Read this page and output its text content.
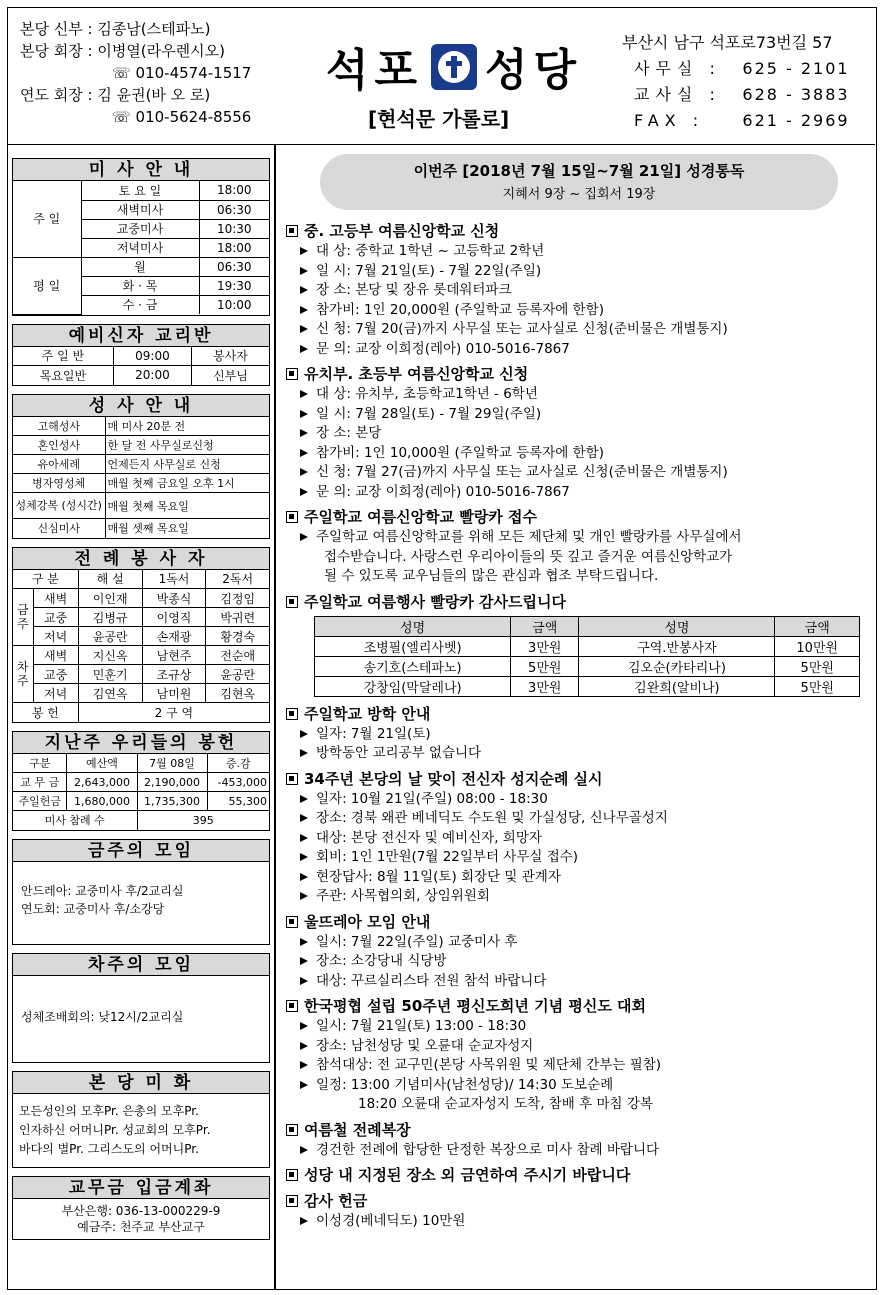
본당 신부 : 김종남(스테파노)
본당 회장 : 이병열(라우렌시오)
☏ 010-4574-1517
연도 회장 : 김 윤권(바 오 로)
☏ 010-5624-8556
석포 성당
[현석문 가롤로]
부산시 남구 석포로73번길 57
사무실 : 625 - 2101
교사실 : 628 - 3883
FAX : 621 - 2969
미 사 안 내
주 일	토 요 일	18:00
	새벽미사	06:30
	교중미사	10:30
	저녁미사	18:00
평 일	월	06:30
	화 · 목	19:30
	수 · 금	10:00
예비신자 교리반
주 일 반	09:00	봉사자
목요일반	20:00	신부님
성 사 안 내
고해성사	매 미사 20분 전
혼인성사	한 달 전 사무실로신청
유아세례	언제든지 사무실로 신청
병자영성체	매월 첫째 금요일 오후 1시
성체강복 (성시간)	매월 첫째 목요일
신심미사	매월 셋째 목요일
전 례 봉 사 자
구 분		해 설	1독서	2독서
금주	새벽	이인재	박종식	김정임
	교중	김병규	이영직	박귀련
	저녁	윤공란	손재광	황경숙
차주	새벽	지신옥	남현주	전순애
	교중	민훈기	조규상	윤공란
	저녁	김연옥	남미원	김현옥
봉 헌		2 구 역		
지난주 우리들의 봉헌
구분	예산액	7월 08일	증.감
교 무 금	2,643,000	2,190,000	-453,000
주일헌금	1,680,000	1,735,300	55,300
미사 참례 수		395	
금주의 모임
안드레아: 교중미사 후/2교리실
연도회: 교중미사 후/소강당
차주의 모임
성체조배회의: 낮12시/2교리실
본 당 미 화
모든성인의 모후Pr. 은총의 모후Pr.
인자하신 어머니Pr. 성교회의 모후Pr.
바다의 별Pr. 그리스도의 어머니Pr.
교무금 입금계좌
부산은행: 036-13-000229-9
예금주: 천주교 부산교구
이번주 [2018년 7월 15일~7월 21일] 성경통독
지혜서 9장 ~ 집회서 19장
중. 고등부 여름신앙학교 신청
대 상: 중학교 1학년 ~ 고등학교 2학년
일 시: 7월 21일(토) - 7월 22일(주일)
장 소: 본당 및 장유 롯데워터파크
참가비: 1인 20,000원 (주일학교 등록자에 한함)
신 청: 7월 20(금)까지 사무실 또는 교사실로 신청(준비물은 개별통지)
문 의: 교장 이희정(레아) 010-5016-7867
유치부. 초등부 여름신앙학교 신청
대 상: 유치부, 초등학교1학년 - 6학년
일 시: 7월 28일(토) - 7월 29일(주일)
장 소: 본당
참가비: 1인 10,000원 (주일학교 등록자에 한함)
신 청: 7월 27(금)까지 사무실 또는 교사실로 신청(준비물은 개별통지)
문 의: 교장 이희정(레아) 010-5016-7867
주일학교 여름신앙학교 빨랑카 접수
주일학교 여름신앙학교를 위해 모든 제단체 및 개인 빨랑카를 사무실에서
접수받습니다. 사랑스런 우리아이들의 뜻 깊고 즐거운 여름신앙학교가
될 수 있도록 교우님들의 많은 관심과 협조 부탁드립니다.
주일학교 여름행사 빨랑카 감사드립니다
성명	금액	성명	금액
조병필(엘리사벳)	3만원	구역.반봉사자	10만원
송기호(스테파노)	5만원	김오순(카타리나)	5만원
강창임(막달레나)	3만원	김완희(알비나)	5만원
주일학교 방학 안내
일자: 7월 21일(토)
방학동안 교리공부 없습니다
34주년 본당의 날 맞이 전신자 성지순례 실시
일자: 10월 21일(주일) 08:00 - 18:30
장소: 경북 왜관 베네딕도 수도원 및 가실성당, 신나무골성지
대상: 본당 전신자 및 예비신자, 희망자
회비: 1인 1만원(7월 22일부터 사무실 접수)
현장답사: 8월 11일(토) 회장단 및 관계자
주관: 사목협의회, 상임위원회
울뜨레아 모임 안내
일시: 7월 22일(주일) 교중미사 후
장소: 소강당내 식당방
대상: 꾸르실리스타 전원 참석 바랍니다
한국평협 설립 50주년 평신도희년 기념 평신도 대회
일시: 7월 21일(토) 13:00 - 18:30
장소: 남천성당 및 오륜대 순교자성지
참석대상: 전 교구민(본당 사목위원 및 제단체 간부는 필참)
일정: 13:00 기념미사(남천성당)/ 14:30 도보순례
18:20 오륜대 순교자성지 도착, 참배 후 마침 강복
여름철 전례복장
경건한 전례에 합당한 단정한 복장으로 미사 참례 바랍니다
성당 내 지정된 장소 외 금연하여 주시기 바랍니다
감사 헌금
이성경(베네딕도) 10만원
